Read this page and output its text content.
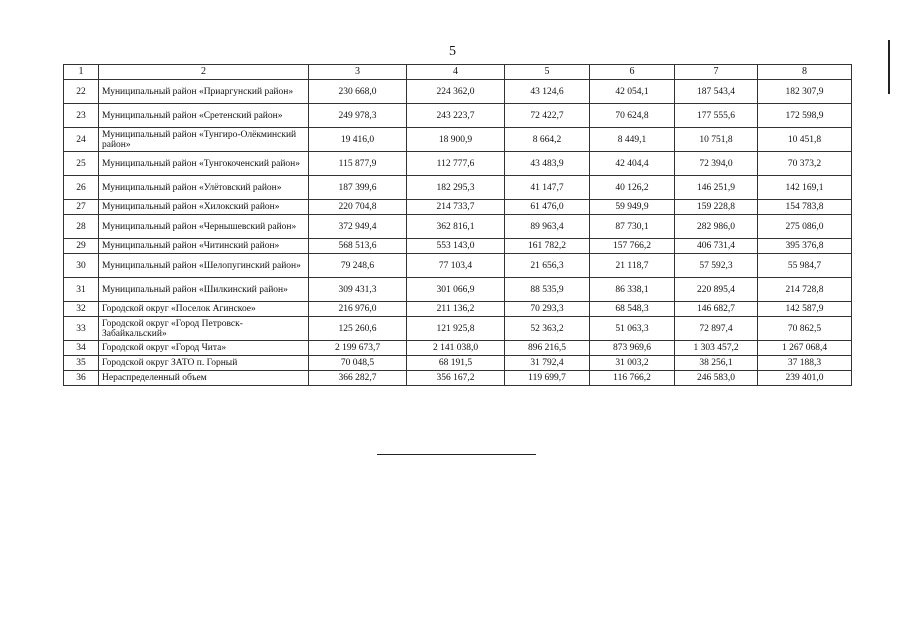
5
1	2	3	4	5	6	7	8
22	Муниципальный район «Приаргунский район»	230 668,0	224 362,0	43 124,6	42 054,1	187 543,4	182 307,9
23	Муниципальный район «Сретенский район»	249 978,3	243 223,7	72 422,7	70 624,8	177 555,6	172 598,9
24	Муниципальный район «Тунгиро-Олёкминский район»	19 416,0	18 900,9	8 664,2	8 449,1	10 751,8	10 451,8
25	Муниципальный район «Тунгокоченский район»	115 877,9	112 777,6	43 483,9	42 404,4	72 394,0	70 373,2
26	Муниципальный район «Улётовский район»	187 399,6	182 295,3	41 147,7	40 126,2	146 251,9	142 169,1
27	Муниципальный район «Хилокский район»	220 704,8	214 733,7	61 476,0	59 949,9	159 228,8	154 783,8
28	Муниципальный район «Чернышевский район»	372 949,4	362 816,1	89 963,4	87 730,1	282 986,0	275 086,0
29	Муниципальный район «Читинский район»	568 513,6	553 143,0	161 782,2	157 766,2	406 731,4	395 376,8
30	Муниципальный район «Шелопугинский район»	79 248,6	77 103,4	21 656,3	21 118,7	57 592,3	55 984,7
31	Муниципальный район «Шилкинский район»	309 431,3	301 066,9	88 535,9	86 338,1	220 895,4	214 728,8
32	Городской округ «Поселок Агинское»	216 976,0	211 136,2	70 293,3	68 548,3	146 682,7	142 587,9
33	Городской округ «Город Петровск-Забайкальский»	125 260,6	121 925,8	52 363,2	51 063,3	72 897,4	70 862,5
34	Городской округ «Город Чита»	2 199 673,7	2 141 038,0	896 216,5	873 969,6	1 303 457,2	1 267 068,4
35	Городской округ ЗАТО п. Горный	70 048,5	68 191,5	31 792,4	31 003,2	38 256,1	37 188,3
36	Нераспределенный объем	366 282,7	356 167,2	119 699,7	116 766,2	246 583,0	239 401,0
